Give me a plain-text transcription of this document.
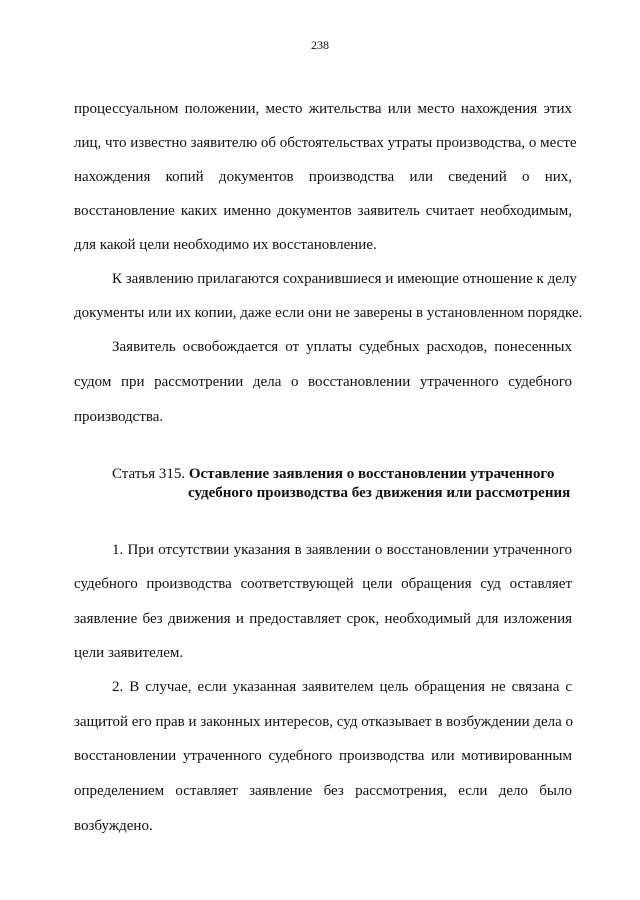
238
процессуальном положении, место жительства или место нахождения этих
лиц, что известно заявителю об обстоятельствах утраты производства, о месте
нахождения копий документов производства или сведений о них,
восстановление каких именно документов заявитель считает необходимым,
для какой цели необходимо их восстановление.
К заявлению прилагаются сохранившиеся и имеющие отношение к делу
документы или их копии, даже если они не заверены в установленном порядке.
Заявитель освобождается от уплаты судебных расходов, понесенных
судом при рассмотрении дела о восстановлении утраченного судебного
производства.
Статья 315. Оставление заявления о восстановлении утраченного
судебного производства без движения или рассмотрения
1. При отсутствии указания в заявлении о восстановлении утраченного
судебного производства соответствующей цели обращения суд оставляет
заявление без движения и предоставляет срок, необходимый для изложения
цели заявителем.
2. В случае, если указанная заявителем цель обращения не связана с
защитой его прав и законных интересов, суд отказывает в возбуждении дела о
восстановлении утраченного судебного производства или мотивированным
определением оставляет заявление без рассмотрения, если дело было
возбуждено.
